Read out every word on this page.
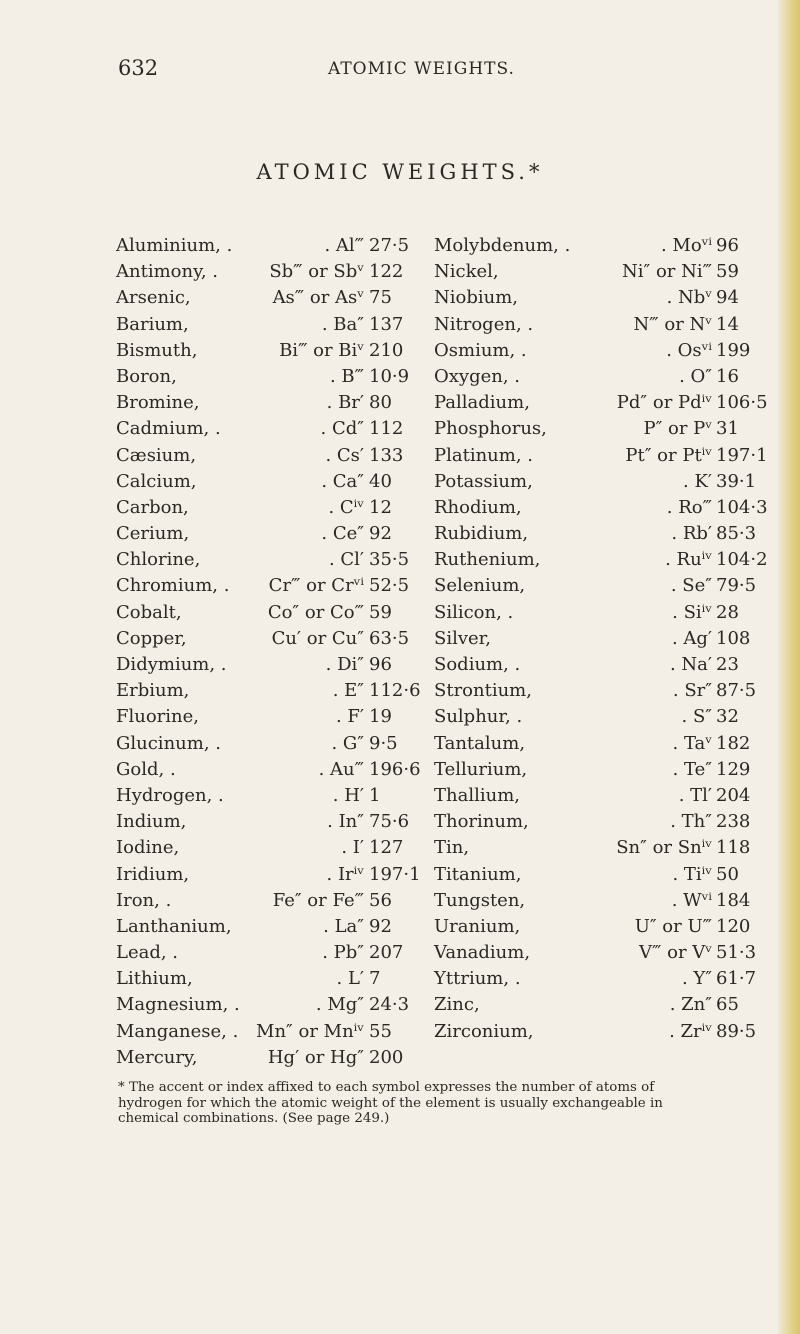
632	ATOMIC WEIGHTS.
ATOMIC WEIGHTS.*
Aluminium, .	. Al‴ 27·5
Antimony, .	Sb‴ or Sbᵛ 122
Arsenic,	As‴ or Asᵛ 75
Barium,	. Ba″ 137
Bismuth,	Bi‴ or Biᵛ 210
Boron,	. B‴ 10·9
Bromine,	. Br′ 80
Cadmium, .	. Cd″ 112
Cæsium,	. Cs′ 133
Calcium,	. Ca″ 40
Carbon,	. Cⁱᵛ 12
Cerium,	. Ce″ 92
Chlorine,	. Cl′ 35·5
Chromium, .	Cr‴ or Crᵛⁱ 52·5
Cobalt,	Co″ or Co‴ 59
Copper,	Cu′ or Cu″ 63·5
Didymium, .	. Di″ 96
Erbium,	. E″ 112·6
Fluorine,	. F′ 19
Glucinum, .	. G″ 9·5
Gold, .	. Au‴ 196·6
Hydrogen, .	. H′ 1
Indium,	. In″ 75·6
Iodine,	. I′ 127
Iridium,	. Irⁱᵛ 197·1
Iron, .	Fe″ or Fe‴ 56
Lanthanium,	. La″ 92
Lead, .	. Pb″ 207
Lithium,	. L′ 7
Magnesium, .	. Mg″ 24·3
Manganese, . Mn″ or Mnⁱᵛ 55
Mercury,	Hg′ or Hg″ 200
Molybdenum, .	. Moᵛⁱ 96
Nickel,	Ni″ or Ni‴ 59
Niobium,	. Nbᵛ 94
Nitrogen, .	N‴ or Nᵛ 14
Osmium, .	. Osᵛⁱ 199
Oxygen, .	. O″ 16
Palladium,	Pd″ or Pdⁱᵛ 106·5
Phosphorus,	P″ or Pᵛ 31
Platinum, .	Pt″ or Ptⁱᵛ 197·1
Potassium,	. K′ 39·1
Rhodium,	. Ro‴ 104·3
Rubidium,	. Rb′ 85·3
Ruthenium,	. Ruⁱᵛ 104·2
Selenium,	. Se″ 79·5
Silicon, .	. Siⁱᵛ 28
Silver,	. Ag′ 108
Sodium, .	. Na′ 23
Strontium,	. Sr″ 87·5
Sulphur, .	. S″ 32
Tantalum,	. Taᵛ 182
Tellurium,	. Te″ 129
Thallium,	. Tl′ 204
Thorinum,	. Th″ 238
Tin,	Sn″ or Snⁱᵛ 118
Titanium,	. Tiⁱᵛ 50
Tungsten,	. Wᵛⁱ 184
Uranium,	U″ or U‴ 120
Vanadium,	V‴ or Vᵛ 51·3
Yttrium, .	. Y″ 61·7
Zinc,	. Zn″ 65
Zirconium,	. Zrⁱᵛ 89·5

* The accent or index affixed to each symbol expresses the number of atoms of hydrogen for which the atomic weight of the element is usually exchangeable in chemical combinations. (See page 249.)
